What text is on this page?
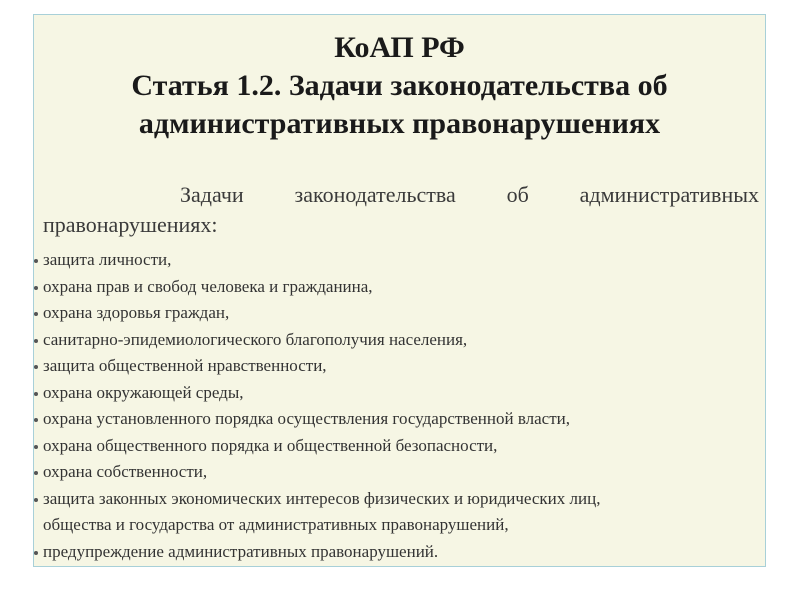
КоАП РФ
Статья 1.2. Задачи законодательства об
административных правонарушениях
Задачи законодательства об административных
правонарушениях:
защита личности,
охрана прав и свобод человека и гражданина,
охрана здоровья граждан,
санитарно-эпидемиологического благополучия населения,
защита общественной нравственности,
охрана окружающей среды,
охрана установленного порядка осуществления государственной власти,
охрана общественного порядка и общественной безопасности,
охрана собственности,
защита законных экономических интересов физических и юридических лиц,
общества и государства от административных правонарушений,
предупреждение административных правонарушений.
